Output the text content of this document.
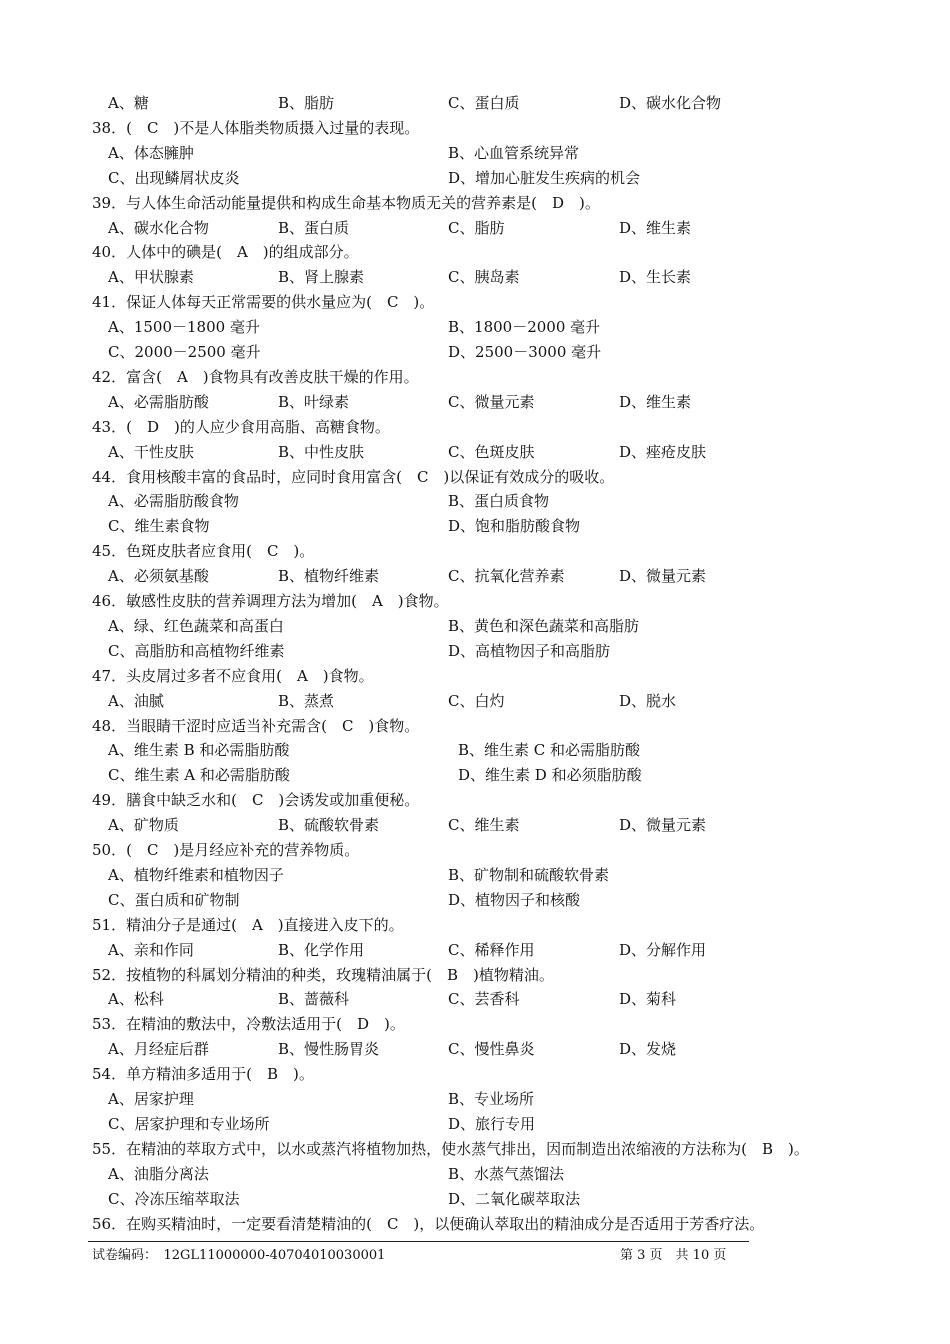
A、糖	B、脂肪	C、蛋白质	D、碳水化合物
38．(　C　)不是人体脂类物质摄入过量的表现。
A、体态臃肿	B、心血管系统异常
C、出现鳞屑状皮炎	D、增加心脏发生疾病的机会
39．与人体生命活动能量提供和构成生命基本物质无关的营养素是(　D　)。
A、碳水化合物	B、蛋白质	C、脂肪	D、维生素
40．人体中的碘是(　A　)的组成部分。
A、甲状腺素	B、肾上腺素	C、胰岛素	D、生长素
41．保证人体每天正常需要的供水量应为(　C　)。
A、1500－1800 毫升	B、1800－2000 毫升
C、2000－2500 毫升	D、2500－3000 毫升
42．富含(　A　)食物具有改善皮肤干燥的作用。
A、必需脂肪酸	B、叶绿素	C、微量元素	D、维生素
43．(　D　)的人应少食用高脂、高糖食物。
A、干性皮肤	B、中性皮肤	C、色斑皮肤	D、痤疮皮肤
44．食用核酸丰富的食品时，应同时食用富含(　C　)以保证有效成分的吸收。
A、必需脂肪酸食物	B、蛋白质食物
C、维生素食物	D、饱和脂肪酸食物
45．色斑皮肤者应食用(　C　)。
A、必须氨基酸	B、植物纤维素	C、抗氧化营养素	D、微量元素
46．敏感性皮肤的营养调理方法为增加(　A　)食物。
A、绿、红色蔬菜和高蛋白	B、黄色和深色蔬菜和高脂肪
C、高脂肪和高植物纤维素	D、高植物因子和高脂肪
47．头皮屑过多者不应食用(　A　)食物。
A、油腻	B、蒸煮	C、白灼	D、脱水
48．当眼睛干涩时应适当补充需含(　C　)食物。
A、维生素 B 和必需脂肪酸	B、维生素 C 和必需脂肪酸
C、维生素 A 和必需脂肪酸	D、维生素 D 和必须脂肪酸
49．膳食中缺乏水和(　C　)会诱发或加重便秘。
A、矿物质	B、硫酸软骨素	C、维生素	D、微量元素
50．(　C　)是月经应补充的营养物质。
A、植物纤维素和植物因子	B、矿物制和硫酸软骨素
C、蛋白质和矿物制	D、植物因子和核酸
51．精油分子是通过(　A　)直接进入皮下的。
A、亲和作同	B、化学作用	C、稀释作用	D、分解作用
52．按植物的科属划分精油的种类，玫瑰精油属于(　B　)植物精油。
A、松科	B、蔷薇科	C、芸香科	D、菊科
53．在精油的敷法中，冷敷法适用于(　D　)。
A、月经症后群	B、慢性肠胃炎	C、慢性鼻炎	D、发烧
54．单方精油多适用于(　B　)。
A、居家护理	B、专业场所
C、居家护理和专业场所	D、旅行专用
55．在精油的萃取方式中，以水或蒸汽将植物加热，使水蒸气排出，因而制造出浓缩液的方法称为(　B　)。
A、油脂分离法	B、水蒸气蒸馏法
C、冷冻压缩萃取法	D、二氧化碳萃取法
56．在购买精油时，一定要看清楚精油的(　C　)，以便确认萃取出的精油成分是否适用于芳香疗法。
试卷编码：　12GL11000000-40704010030001	第 3 页　共 10 页
